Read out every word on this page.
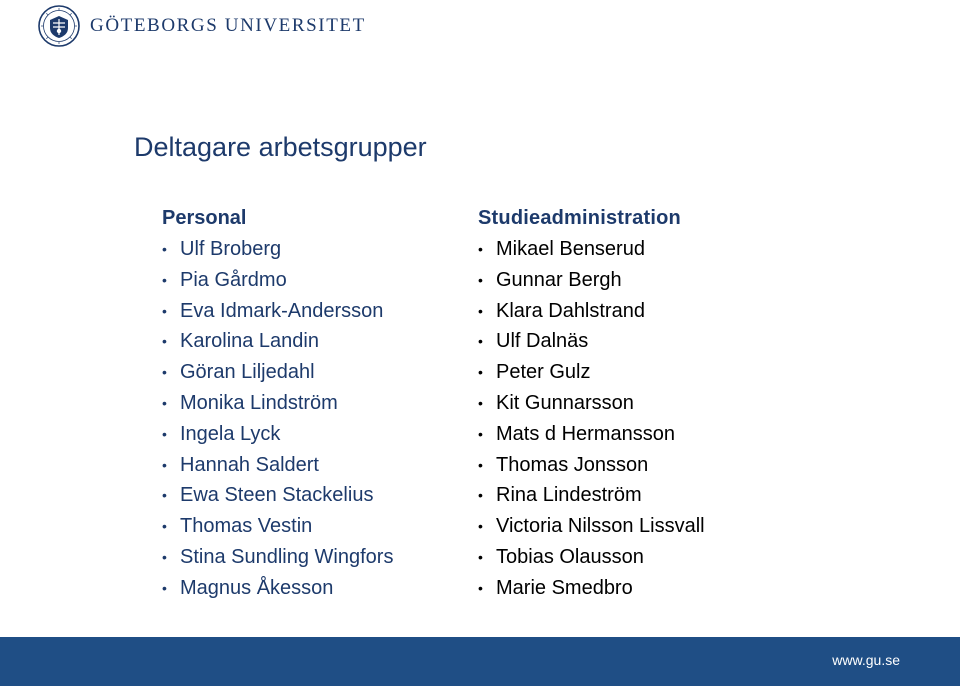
GÖTEBORGS UNIVERSITET
Deltagare arbetsgrupper
Personal
• Ulf Broberg
• Pia Gårdmo
• Eva Idmark-Andersson
• Karolina Landin
• Göran Liljedahl
• Monika Lindström
• Ingela Lyck
• Hannah Saldert
• Ewa Steen Stackelius
• Thomas Vestin
• Stina Sundling Wingfors
• Magnus Åkesson
Studieadministration
• Mikael Benserud
• Gunnar Bergh
• Klara Dahlstrand
• Ulf Dalnäs
• Peter Gulz
• Kit Gunnarsson
• Mats d Hermansson
• Thomas Jonsson
• Rina Lindeström
• Victoria Nilsson Lissvall
• Tobias Olausson
• Marie Smedbro
www.gu.se
